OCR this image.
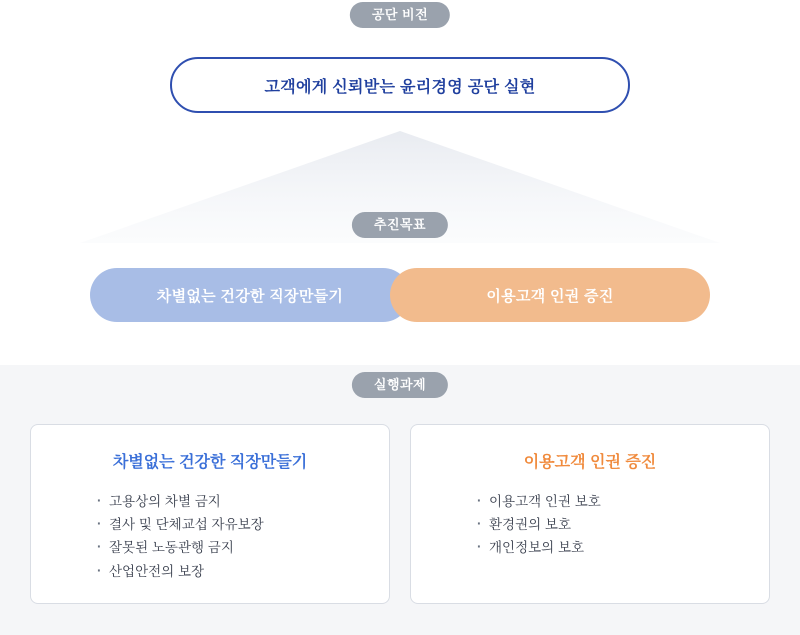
공단 비전
고객에게 신뢰받는 윤리경영 공단 실현
추진목표
차별없는 건강한 직장만들기	이용고객 인권 증진
실행과제
차별없는 건강한 직장만들기
· 고용상의 차별 금지
· 결사 및 단체교섭 자유보장
· 잘못된 노동관행 금지
· 산업안전의 보장
이용고객 인권 증진
· 이용고객 인권 보호
· 환경권의 보호
· 개인정보의 보호
